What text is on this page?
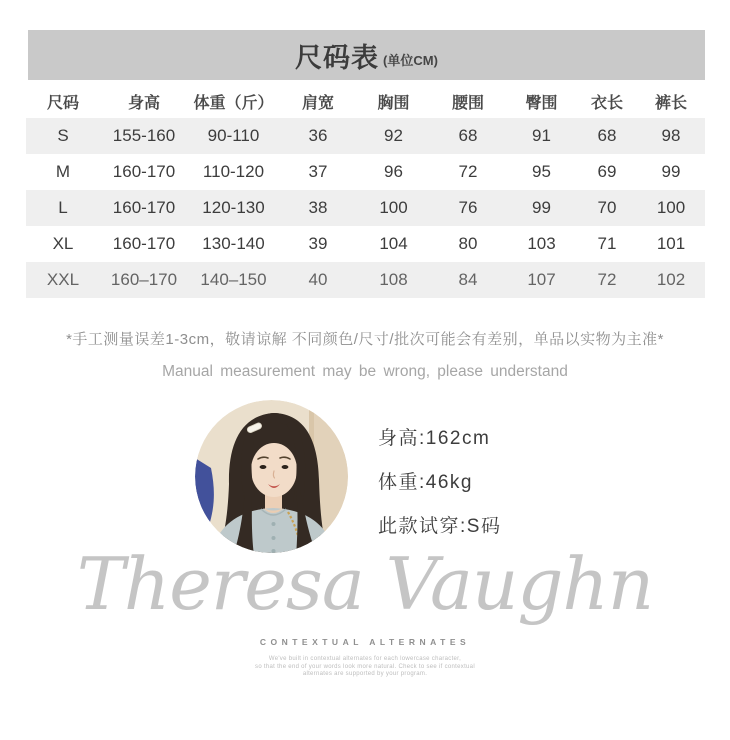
尺码表 (单位CM)
尺码	身高	体重（斤）	肩宽	胸围	腰围	臀围	衣长	裤长
S	155-160	90-110	36	92	68	91	68	98
M	160-170	110-120	37	96	72	95	69	99
L	160-170	120-130	38	100	76	99	70	100
XL	160-170	130-140	39	104	80	103	71	101
XXL	160–170	140–150	40	108	84	107	72	102
*手工测量误差1-3cm，敬请谅解 不同颜色/尺寸/批次可能会有差别，单品以实物为主准*
Manual measurement may be wrong, please understand
身高:162cm
体重:46kg
此款试穿:S码
Theresa Vaughn
CONTEXTUAL ALTERNATES
We've built in contextual alternates for each lowercase character,
so that the end of your words look more natural. Check to see if contextual
alternates are supported by your program.
